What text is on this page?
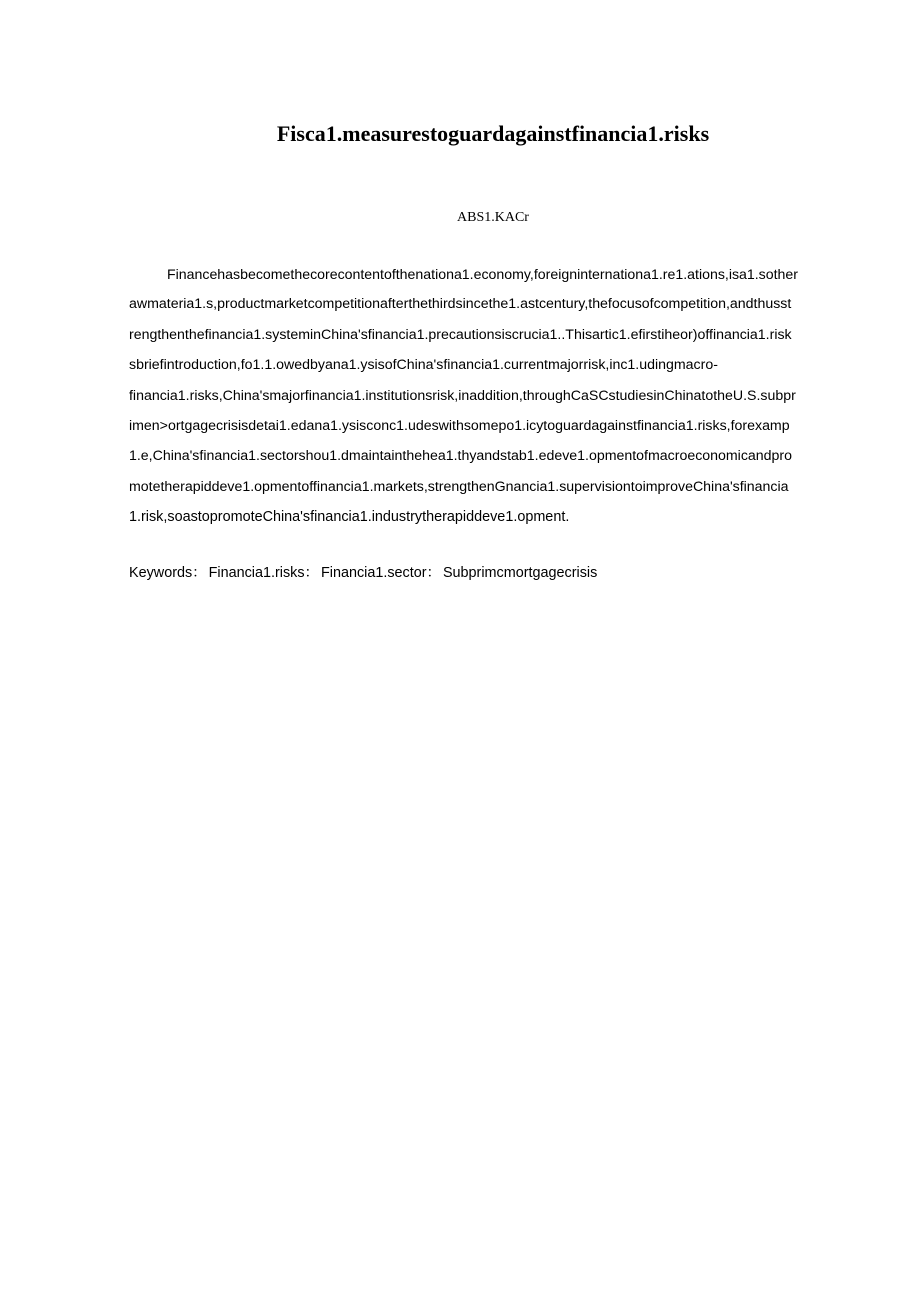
Fisca1.measurestoguardagainstfinancia1.risks
ABS1.KACr
Financehasbecomethecorecontentofthenationa1.economy,foreigninternationa1.re1.ations,isa1.sother
awmateria1.s,productmarketcompetitionafterthethirdsincethe1.astcentury,thefocusofcompetition,andthusst
rengthenthefinancia1.systeminChina'sfinancia1.precautionsiscrucia1..Thisartic1.efirstiheor)offinancia1.risk
sbriefintroduction,fo1.1.owedbyana1.ysisofChina'sfinancia1.currentmajorrisk,inc1.udingmacro-
financia1.risks,China'smajorfinancia1.institutionsrisk,inaddition,throughCaSCstudiesinChinatotheU.S.subpr
imen>ortgagecrisisdetai1.edana1.ysisconc1.udeswithsomepo1.icytoguardagainstfinancia1.risks,forexamp
1.e,China'sfinancia1.sectorshou1.dmaintainthehea1.thyandstab1.edeve1.opmentofmacroeconomicandpro
motetherapiddeve1.opmentoffinancia1.markets,strengthenGnancia1.supervisiontoimproveChina'sfinancia
1.risk,soastopromoteChina'sfinancia1.industrytherapiddeve1.opment.
Keywords： Financia1.risks： Financia1.sector： Subprimcmortgagecrisis
